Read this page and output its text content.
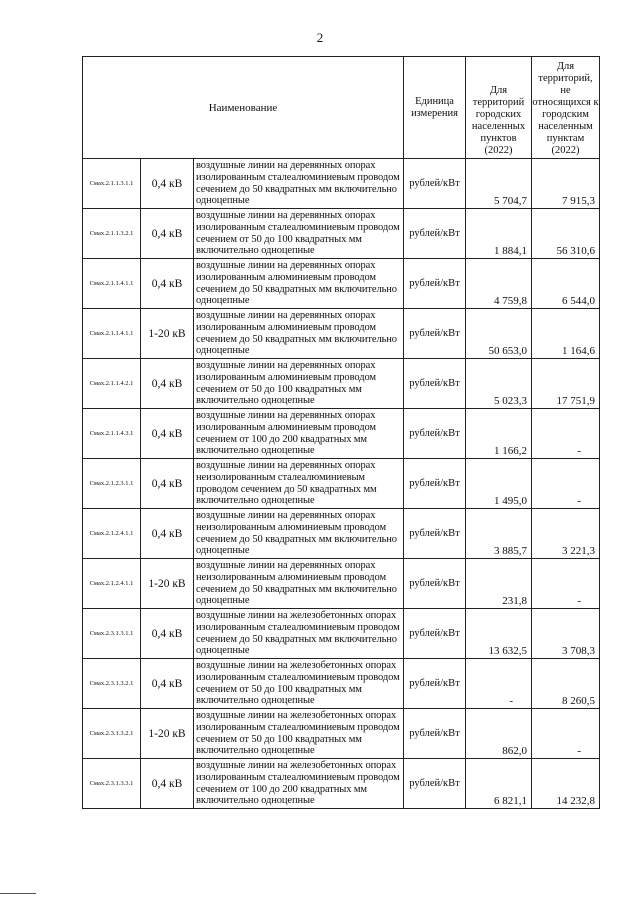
2
Наименование			Единица измерения	Для территорий городских населенных пунктов (2022)	Для территорий, не относящихся к городским населенным пунктам (2022)
Смах.2.1.1.3.1.1	0,4 кВ	воздушные линии на деревянных опорах изолированным сталеалюминиевым проводом сечением до 50 квадратных мм включительно одноцепные	рублей/кВт	5 704,7	7 915,3
Смах.2.1.1.3.2.1	0,4 кВ	воздушные линии на деревянных опорах изолированным сталеалюминиевым проводом сечением от 50 до 100 квадратных мм включительно одноцепные	рублей/кВт	1 884,1	56 310,6
Смах.2.1.1.4.1.1	0,4 кВ	воздушные линии на деревянных опорах изолированным алюминиевым проводом сечением до 50 квадратных мм включительно одноцепные	рублей/кВт	4 759,8	6 544,0
Смах.2.1.1.4.1.1	1-20 кВ	воздушные линии на деревянных опорах изолированным алюминиевым проводом сечением до 50 квадратных мм включительно одноцепные	рублей/кВт	50 653,0	1 164,6
Смах.2.1.1.4.2.1	0,4 кВ	воздушные линии на деревянных опорах изолированным алюминиевым проводом сечением от 50 до 100 квадратных мм включительно одноцепные	рублей/кВт	5 023,3	17 751,9
Смах.2.1.1.4.3.1	0,4 кВ	воздушные линии на деревянных опорах изолированным алюминиевым проводом сечением от 100 до 200 квадратных мм включительно одноцепные	рублей/кВт	1 166,2	-
Смах.2.1.2.3.1.1	0,4 кВ	воздушные линии на деревянных опорах неизолированным сталеалюминиевым проводом сечением до 50 квадратных мм включительно одноцепные	рублей/кВт	1 495,0	-
Смах.2.1.2.4.1.1	0,4 кВ	воздушные линии на деревянных опорах неизолированным алюминиевым проводом сечением до 50 квадратных мм включительно одноцепные	рублей/кВт	3 885,7	3 221,3
Смах.2.1.2.4.1.1	1-20 кВ	воздушные линии на деревянных опорах неизолированным алюминиевым проводом сечением до 50 квадратных мм включительно одноцепные	рублей/кВт	231,8	-
Смах.2.3.1.3.1.1	0,4 кВ	воздушные линии на железобетонных опорах изолированным сталеалюминиевым проводом сечением до 50 квадратных мм включительно одноцепные	рублей/кВт	13 632,5	3 708,3
Смах.2.3.1.3.2.1	0,4 кВ	воздушные линии на железобетонных опорах изолированным сталеалюминиевым проводом сечением от 50 до 100 квадратных мм включительно одноцепные	рублей/кВт	-	8 260,5
Смах.2.3.1.3.2.1	1-20 кВ	воздушные линии на железобетонных опорах изолированным сталеалюминиевым проводом сечением от 50 до 100 квадратных мм включительно одноцепные	рублей/кВт	862,0	-
Смах.2.3.1.3.3.1	0,4 кВ	воздушные линии на железобетонных опорах изолированным сталеалюминиевым проводом сечением от 100 до 200 квадратных мм включительно одноцепные	рублей/кВт	6 821,1	14 232,8
